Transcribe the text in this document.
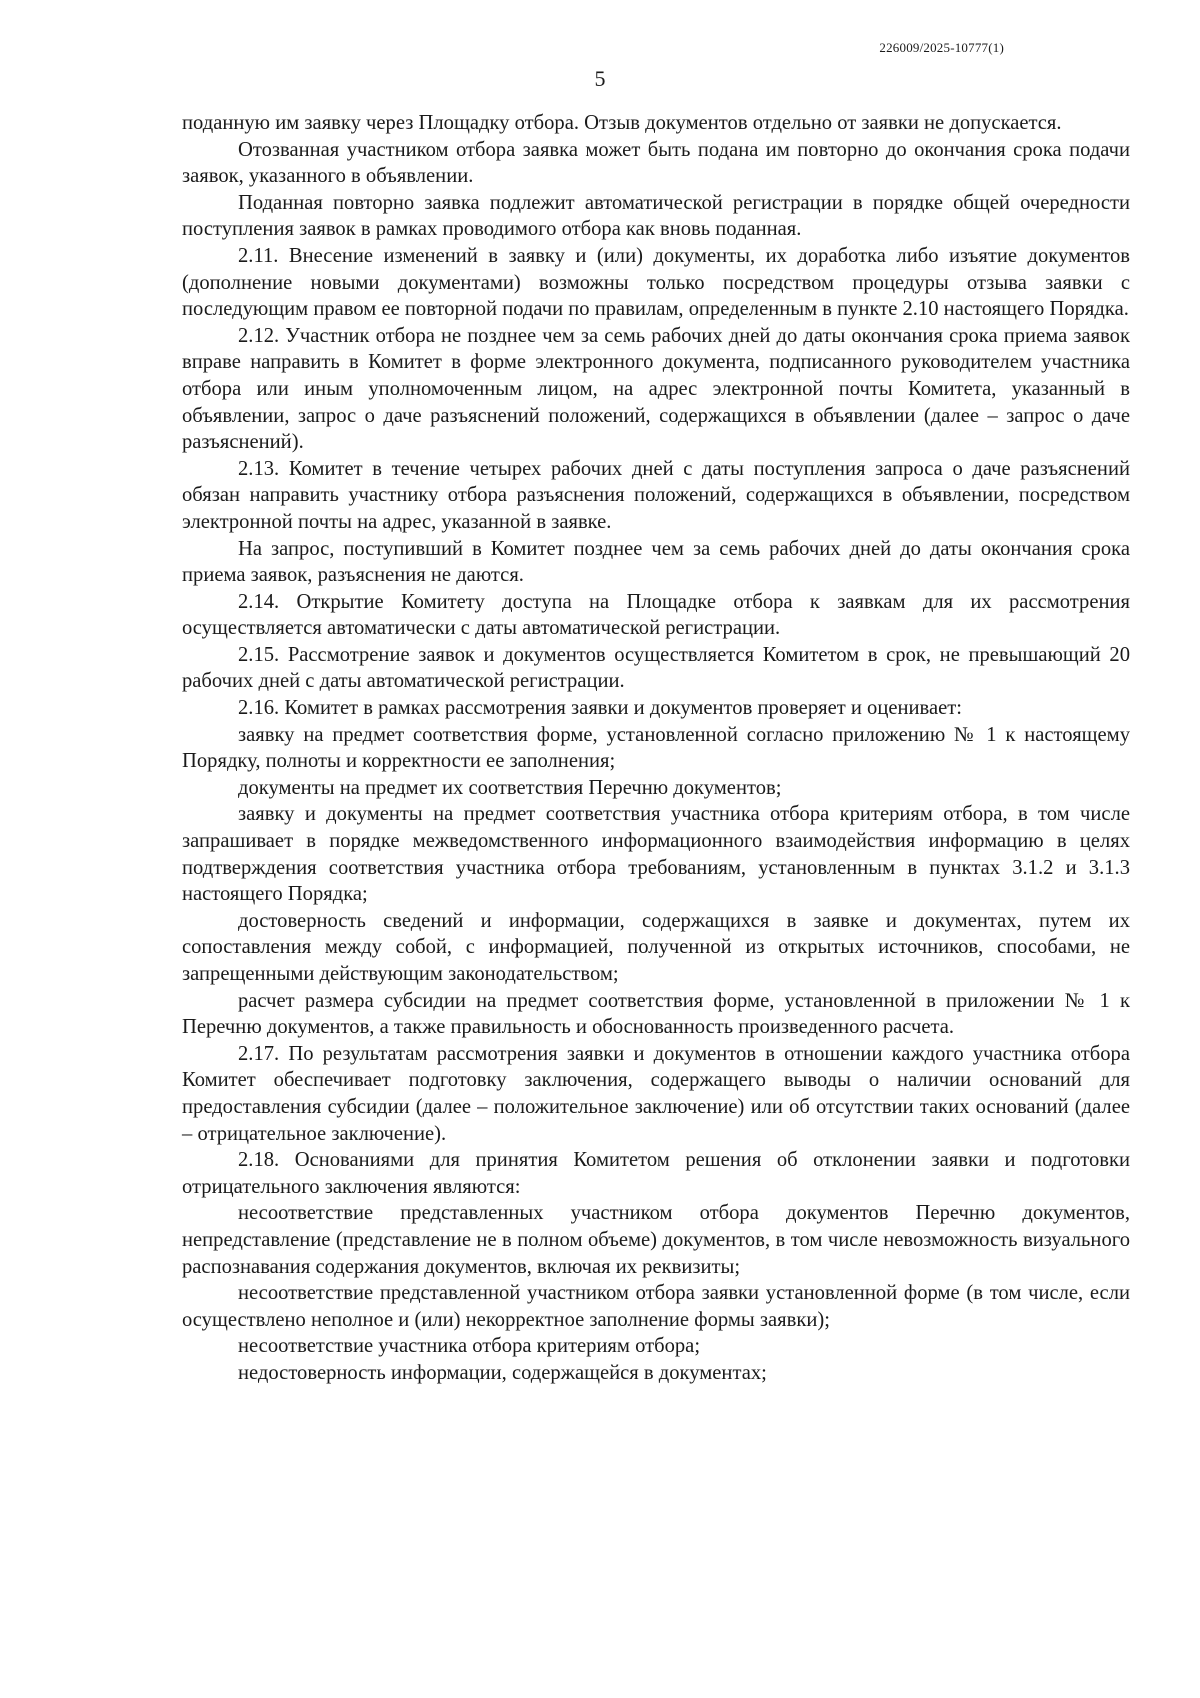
226009/2025-10777(1)
5

поданную им заявку через Площадку отбора. Отзыв документов отдельно от заявки не допускается.

Отозванная участником отбора заявка может быть подана им повторно до окончания срока подачи заявок, указанного в объявлении.

Поданная повторно заявка подлежит автоматической регистрации в порядке общей очередности поступления заявок в рамках проводимого отбора как вновь поданная.

2.11. Внесение изменений в заявку и (или) документы, их доработка либо изъятие документов (дополнение новыми документами) возможны только посредством процедуры отзыва заявки с последующим правом ее повторной подачи по правилам, определенным в пункте 2.10 настоящего Порядка.

2.12. Участник отбора не позднее чем за семь рабочих дней до даты окончания срока приема заявок вправе направить в Комитет в форме электронного документа, подписанного руководителем участника отбора или иным уполномоченным лицом, на адрес электронной почты Комитета, указанный в объявлении, запрос о даче разъяснений положений, содержащихся в объявлении (далее – запрос о даче разъяснений).

2.13. Комитет в течение четырех рабочих дней с даты поступления запроса о даче разъяснений обязан направить участнику отбора разъяснения положений, содержащихся в объявлении, посредством электронной почты на адрес, указанной в заявке.

На запрос, поступивший в Комитет позднее чем за семь рабочих дней до даты окончания срока приема заявок, разъяснения не даются.

2.14. Открытие Комитету доступа на Площадке отбора к заявкам для их рассмотрения осуществляется автоматически с даты автоматической регистрации.

2.15. Рассмотрение заявок и документов осуществляется Комитетом в срок, не превышающий 20 рабочих дней с даты автоматической регистрации.

2.16. Комитет в рамках рассмотрения заявки и документов проверяет и оценивает:

заявку на предмет соответствия форме, установленной согласно приложению № 1 к настоящему Порядку, полноты и корректности ее заполнения;

документы на предмет их соответствия Перечню документов;

заявку и документы на предмет соответствия участника отбора критериям отбора, в том числе запрашивает в порядке межведомственного информационного взаимодействия информацию в целях подтверждения соответствия участника отбора требованиям, установленным в пунктах 3.1.2 и 3.1.3 настоящего Порядка;

достоверность сведений и информации, содержащихся в заявке и документах, путем их сопоставления между собой, с информацией, полученной из открытых источников, способами, не запрещенными действующим законодательством;

расчет размера субсидии на предмет соответствия форме, установленной в приложении № 1 к Перечню документов, а также правильность и обоснованность произведенного расчета.

2.17. По результатам рассмотрения заявки и документов в отношении каждого участника отбора Комитет обеспечивает подготовку заключения, содержащего выводы о наличии оснований для предоставления субсидии (далее – положительное заключение) или об отсутствии таких оснований (далее – отрицательное заключение).

2.18. Основаниями для принятия Комитетом решения об отклонении заявки и подготовки отрицательного заключения являются:

несоответствие представленных участником отбора документов Перечню документов, непредставление (представление не в полном объеме) документов, в том числе невозможность визуального распознавания содержания документов, включая их реквизиты;

несоответствие представленной участником отбора заявки установленной форме (в том числе, если осуществлено неполное и (или) некорректное заполнение формы заявки);

несоответствие участника отбора критериям отбора;

недостоверность информации, содержащейся в документах;
